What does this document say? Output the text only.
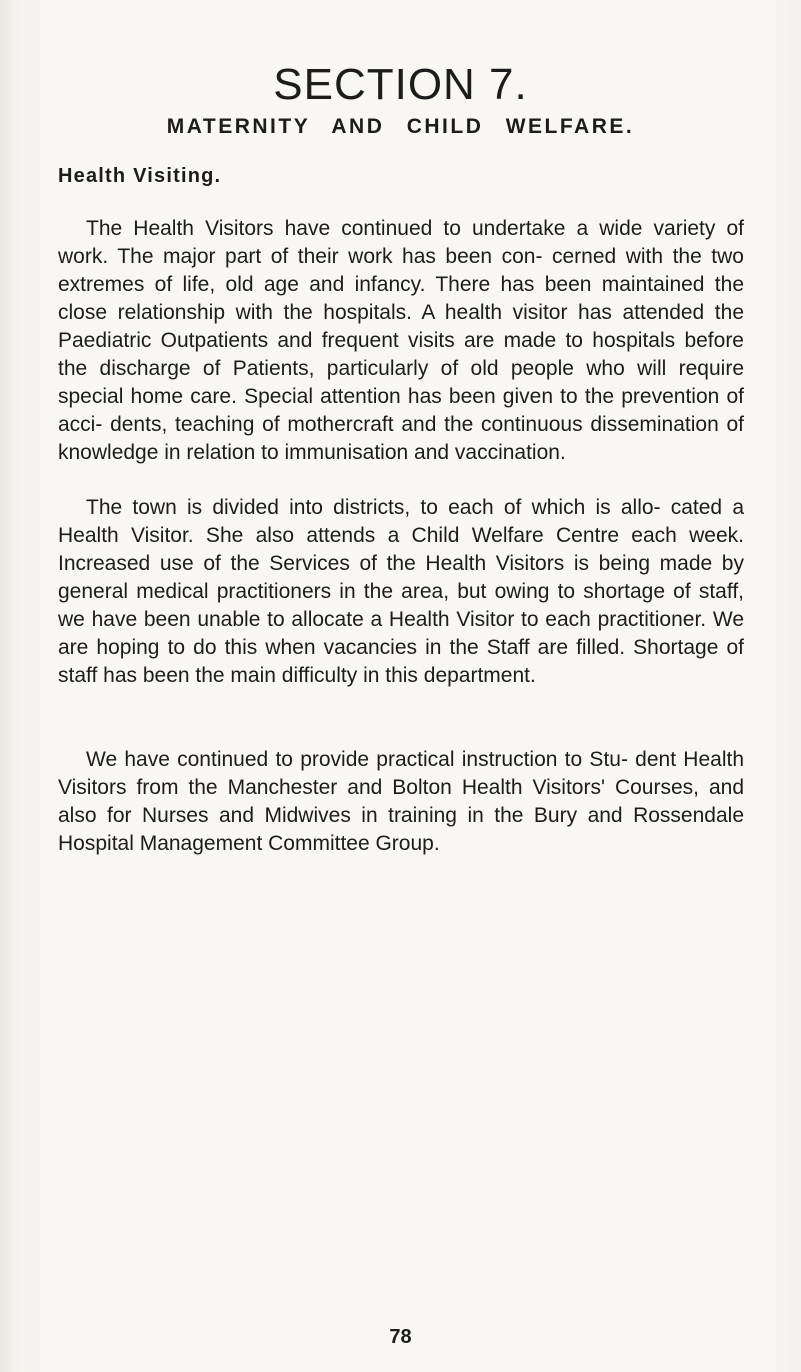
SECTION 7.
MATERNITY AND CHILD WELFARE.
Health Visiting.

The Health Visitors have continued to undertake a wide variety of work. The major part of their work has been con- cerned with the two extremes of life, old age and infancy. There has been maintained the close relationship with the hospitals. A health visitor has attended the Paediatric Outpatients and frequent visits are made to hospitals before the discharge of Patients, particularly of old people who will require special home care. Special attention has been given to the prevention of acci- dents, teaching of mothercraft and the continuous dissemination of knowledge in relation to immunisation and vaccination.

The town is divided into districts, to each of which is allo- cated a Health Visitor. She also attends a Child Welfare Centre each week. Increased use of the Services of the Health Visitors is being made by general medical practitioners in the area, but owing to shortage of staff, we have been unable to allocate a Health Visitor to each practitioner. We are hoping to do this when vacancies in the Staff are filled. Shortage of staff has been the main difficulty in this department.

We have continued to provide practical instruction to Stu- dent Health Visitors from the Manchester and Bolton Health Visitors' Courses, and also for Nurses and Midwives in training in the Bury and Rossendale Hospital Management Committee Group.

78
